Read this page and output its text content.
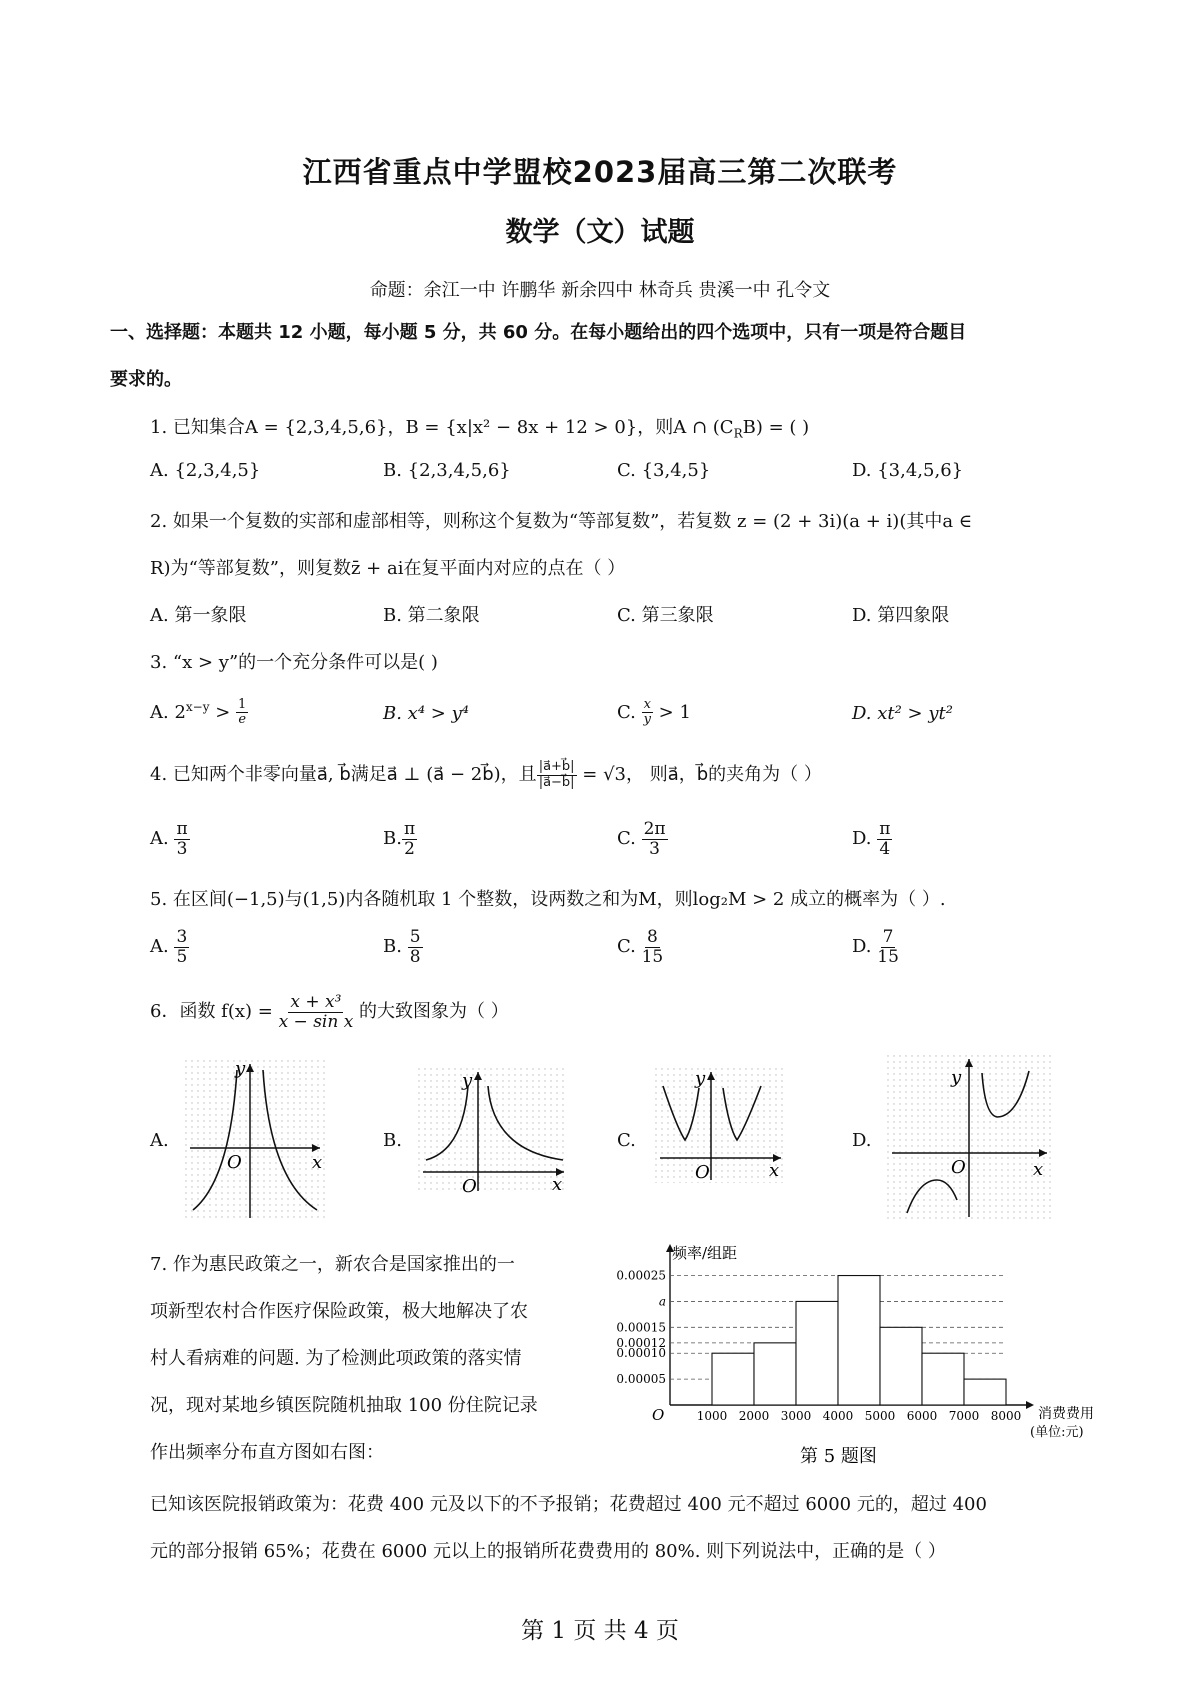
江西省重点中学盟校2023届高三第二次联考
数学（文）试题
命题：余江一中 许鹏华 新余四中 林奇兵 贵溪一中 孔令文
一、选择题：本题共 12 小题，每小题 5 分，共 60 分。在每小题给出的四个选项中，只有一项是符合题目
要求的。
1. 已知集合A = {2,3,4,5,6}，B = {x|x² − 8x + 12 > 0}，则A ∩ $(C_RB)$ = ( )
A. {2,3,4,5}	B. {2,3,4,5,6}	C. {3,4,5}	D. {3,4,5,6}
2. 如果一个复数的实部和虚部相等，则称这个复数为“等部复数”，若复数 z = (2 + 3i)(a + i)(其中a ∈
R)为“等部复数”，则复数z̄ + ai在复平面内对应的点在（ ）
A. 第一象限	B. 第二象限	C. 第三象限	D. 第四象限
3. “x > y”的一个充分条件可以是( )
A. $2^{x-y} > \frac{1}{e}$	B. x⁴ > y⁴	C. $\frac{x}{y} > 1$	D. xt² > yt²
4. 已知两个非零向量a⃗, b⃗满足a⃗ ⊥ (a⃗ − 2b⃗)，且 $\frac{|a⃗+b⃗|}{|a⃗-b⃗|} = √3$， 则a⃗，b⃗的夹角为（ ）
A. $\frac{\pi}{3}$	B. $\frac{\pi}{2}$	C. $\frac{2\pi}{3}$	D. $\frac{\pi}{4}$
5. 在区间(−1,5)与(1,5)内各随机取 1 个整数，设两数之和为M，则log₂M > 2 成立的概率为（ ）.
A. $\frac{3}{5}$	B. $\frac{5}{8}$	C. $\frac{8}{15}$	D. $\frac{7}{15}$
6．函数 $f(x) = \frac{\text{x + x³}}{\text{x − sin x}}$ 的大致图象为（ ）
A.	B.	C.	D.
y
x
O
y
x
O
y
x
O
y
x
O
7. 作为惠民政策之一，新农合是国家推出的一
项新型农村合作医疗保险政策，极大地解决了农
村人看病难的问题. 为了检测此项政策的落实情
况，现对某地乡镇医院随机抽取 100 份住院记录
作出频率分布直方图如右图：
频率/组距
消费费用
(单位:元)
O
第 5 题图
0.00005
0.00010
0.00012
0.00015
a
0.00025
1000 2000 3000 4000 5000 6000 7000 8000
已知该医院报销政策为：花费 400 元及以下的不予报销；花费超过 400 元不超过 6000 元的，超过 400
元的部分报销 65%；花费在 6000 元以上的报销所花费费用的 80%. 则下列说法中，正确的是（ ）
第 1 页 共 4 页
